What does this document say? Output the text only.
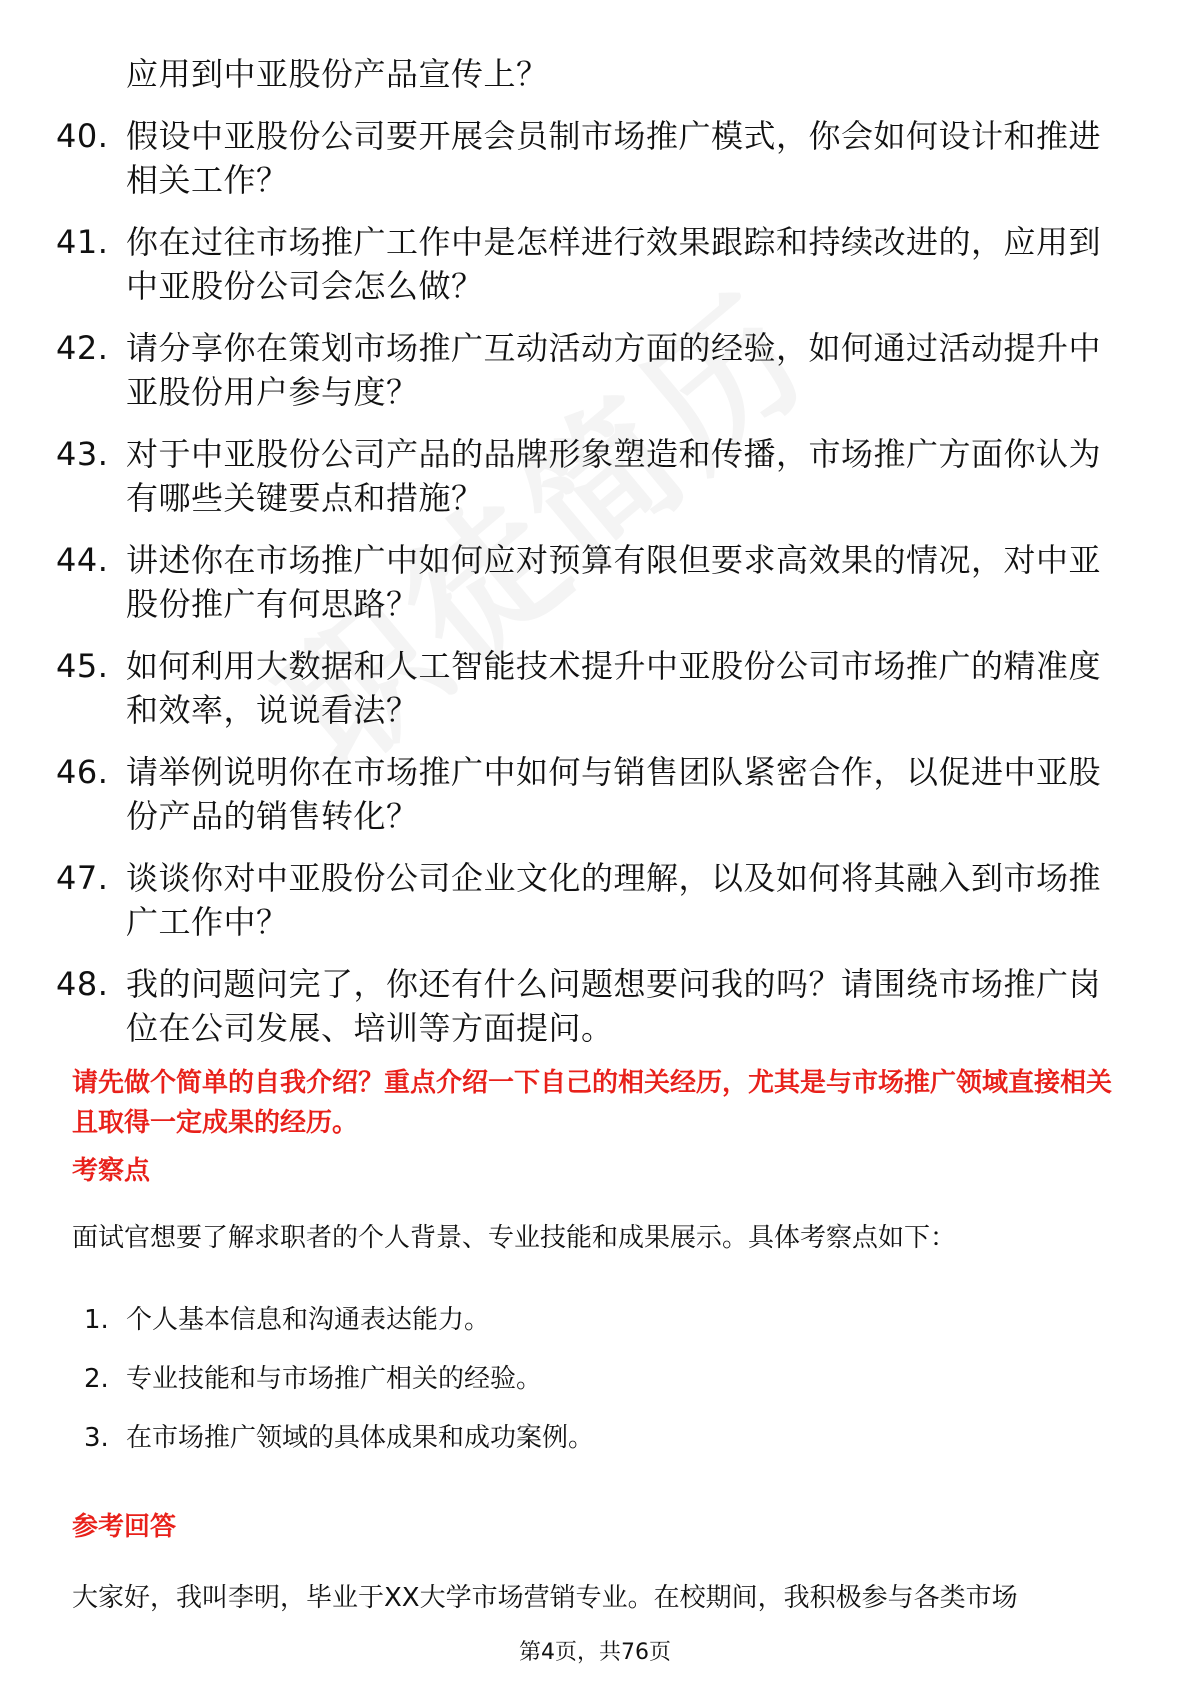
应用到中亚股份产品宣传上？
40. 假设中亚股份公司要开展会员制市场推广模式，你会如何设计和推进相关工作？
41. 你在过往市场推广工作中是怎样进行效果跟踪和持续改进的，应用到中亚股份公司会怎么做？
42. 请分享你在策划市场推广互动活动方面的经验，如何通过活动提升中亚股份用户参与度？
43. 对于中亚股份公司产品的品牌形象塑造和传播，市场推广方面你认为有哪些关键要点和措施？
44. 讲述你在市场推广中如何应对预算有限但要求高效果的情况，对中亚股份推广有何思路？
45. 如何利用大数据和人工智能技术提升中亚股份公司市场推广的精准度和效率，说说看法？
46. 请举例说明你在市场推广中如何与销售团队紧密合作，以促进中亚股份产品的销售转化？
47. 谈谈你对中亚股份公司企业文化的理解，以及如何将其融入到市场推广工作中？
48. 我的问题问完了，你还有什么问题想要问我的吗？请围绕市场推广岗位在公司发展、培训等方面提问。
请先做个简单的自我介绍？重点介绍一下自己的相关经历，尤其是与市场推广领域直接相关且取得一定成果的经历。
考察点
面试官想要了解求职者的个人背景、专业技能和成果展示。具体考察点如下：
1. 个人基本信息和沟通表达能力。
2. 专业技能和与市场推广相关的经验。
3. 在市场推广领域的具体成果和成功案例。
参考回答
大家好，我叫李明，毕业于XX大学市场营销专业。在校期间，我积极参与各类市场
第4页，共76页
